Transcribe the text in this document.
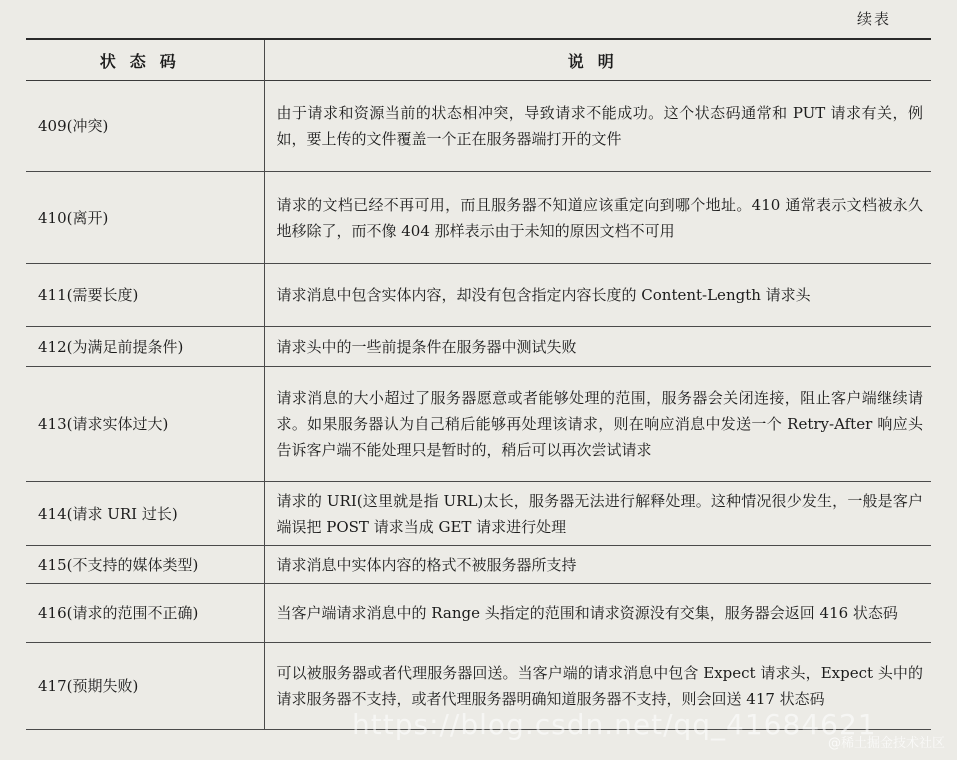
续表
状态码	说明
409(冲突)	由于请求和资源当前的状态相冲突，导致请求不能成功。这个状态码通常和 PUT 请求有关，例如，要上传的文件覆盖一个正在服务器端打开的文件
410(离开)	请求的文档已经不再可用，而且服务器不知道应该重定向到哪个地址。410 通常表示文档被永久地移除了，而不像 404 那样表示由于未知的原因文档不可用
411(需要长度)	请求消息中包含实体内容，却没有包含指定内容长度的 Content-Length 请求头
412(为满足前提条件)	请求头中的一些前提条件在服务器中测试失败
413(请求实体过大)	请求消息的大小超过了服务器愿意或者能够处理的范围，服务器会关闭连接，阻止客户端继续请求。如果服务器认为自己稍后能够再处理该请求，则在响应消息中发送一个 Retry-After 响应头告诉客户端不能处理只是暂时的，稍后可以再次尝试请求
414(请求 URI 过长)	请求的 URI(这里就是指 URL)太长，服务器无法进行解释处理。这种情况很少发生，一般是客户端误把 POST 请求当成 GET 请求进行处理
415(不支持的媒体类型)	请求消息中实体内容的格式不被服务器所支持
416(请求的范围不正确)	当客户端请求消息中的 Range 头指定的范围和请求资源没有交集，服务器会返回 416 状态码
417(预期失败)	可以被服务器或者代理服务器回送。当客户端的请求消息中包含 Expect 请求头，Expect 头中的请求服务器不支持，或者代理服务器明确知道服务器不支持，则会回送 417 状态码
https://blog.csdn.net/qq_41684621
@稀土掘金技术社区
